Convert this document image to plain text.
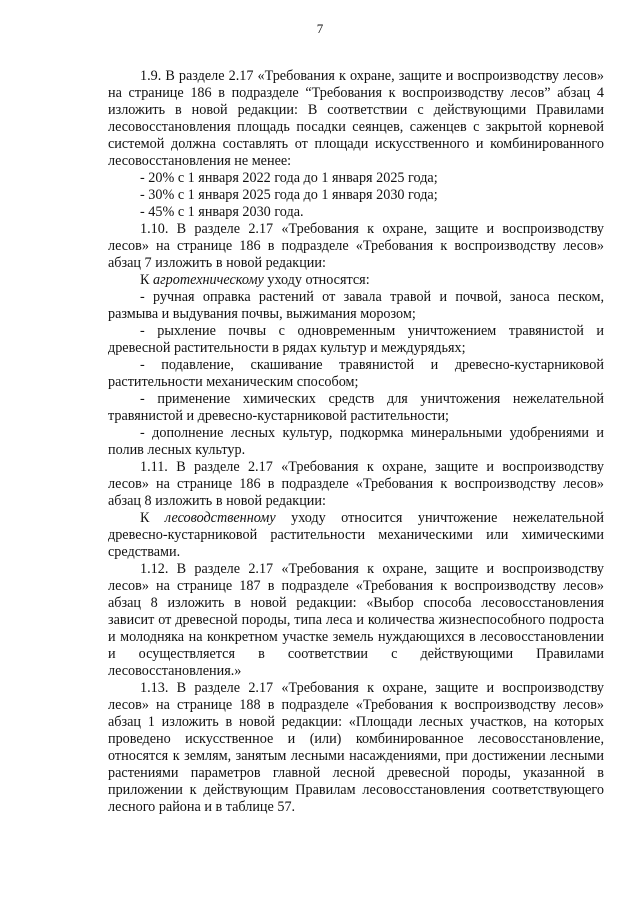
7

1.9. В разделе 2.17 «Требования к охране, защите и воспроизводству лесов» на странице 186 в подразделе “Требования к воспроизводству лесов” абзац 4 изложить в новой редакции: В соответствии с действующими Правилами лесовосстановления площадь посадки сеянцев, саженцев с закрытой корневой системой должна составлять от площади искусственного и комбинированного лесовосстановления не менее:

- 20% с 1 января 2022 года до 1 января 2025 года;

- 30% с 1 января 2025 года до 1 января 2030 года;

- 45% с 1 января 2030 года.

1.10. В разделе 2.17 «Требования к охране, защите и воспроизводству лесов» на странице 186 в подразделе «Требования к воспроизводству лесов» абзац 7 изложить в новой редакции:

К агротехническому уходу относятся:

- ручная оправка растений от завала травой и почвой, заноса песком, размыва и выдувания почвы, выжимания морозом;

- рыхление почвы с одновременным уничтожением травянистой и древесной растительности в рядах культур и междурядьях;

- подавление, скашивание травянистой и древесно-кустарниковой растительности механическим способом;

- применение химических средств для уничтожения нежелательной травянистой и древесно-кустарниковой растительности;

- дополнение лесных культур, подкормка минеральными удобрениями и полив лесных культур.

1.11. В разделе 2.17 «Требования к охране, защите и воспроизводству лесов» на странице 186 в подразделе «Требования к воспроизводству лесов» абзац 8 изложить в новой редакции:

К лесоводственному уходу относится уничтожение нежелательной древесно-кустарниковой растительности механическими или химическими средствами.

1.12. В разделе 2.17 «Требования к охране, защите и воспроизводству лесов» на странице 187 в подразделе «Требования к воспроизводству лесов» абзац 8 изложить в новой редакции: «Выбор способа лесовосстановления зависит от древесной породы, типа леса и количества жизнеспособного подроста и молодняка на конкретном участке земель нуждающихся в лесовосстановлении и осуществляется в соответствии с действующими Правилами лесовосстановления.»

1.13. В разделе 2.17 «Требования к охране, защите и воспроизводству лесов» на странице 188 в подразделе «Требования к воспроизводству лесов» абзац 1 изложить в новой редакции: «Площади лесных участков, на которых проведено искусственное и (или) комбинированное лесовосстановление, относятся к землям, занятым лесными насаждениями, при достижении лесными растениями параметров главной лесной древесной породы, указанной в приложении к действующим Правилам лесовосстановления соответствующего лесного района и в таблице 57.
